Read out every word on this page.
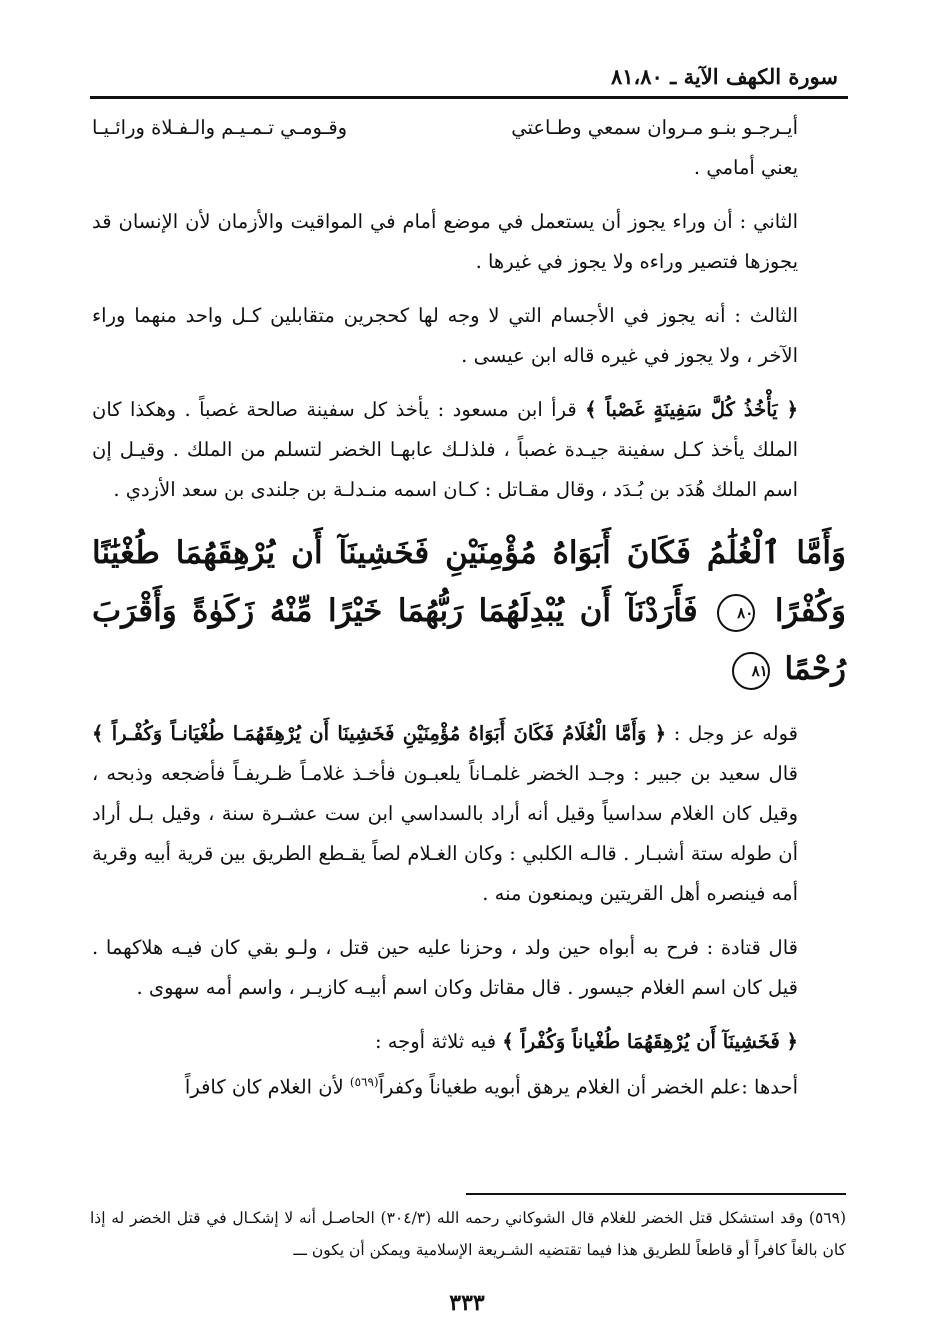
سورة الكهف الآية ـ ٨١،٨٠
أيـرجـو بنـو مـروان سمعي وطـاعتي
وقـومـي تـمـيـم والـفـلاة ورائـيـا

يعني أمامي .

الثاني : أن وراء يجوز أن يستعمل في موضع أمام في المواقيت والأزمان لأن الإنسان قد يجوزها فتصير وراءه ولا يجوز في غيرها .

الثالث : أنه يجوز في الأجسام التي لا وجه لها كحجرين متقابلين كـل واحد منهما وراء الآخر ، ولا يجوز في غيره قاله ابن عيسى .

﴿ يَأْخُذُ كُلَّ سَفِينَةٍ غَصْباً ﴾ قرأ ابن مسعود : يأخذ كل سفينة صالحة غصباً . وهكذا كان الملك يأخذ كـل سفينة جيـدة غصباً ، فلذلـك عابهـا الخضر لتسلم من الملك . وقيـل إن اسم الملك هُدَد بن بُـدَد ، وقال مقـاتل : كـان اسمه منـدلـة بن جلندى بن سعد الأزدي .

وَأَمَّا ٱلْغُلَٰمُ فَكَانَ أَبَوَاهُ مُؤْمِنَيْنِ فَخَشِينَآ أَن يُرْهِقَهُمَا طُغْيَٰنًا وَكُفْرًا ٨٠ فَأَرَدْنَآ أَن يُبْدِلَهُمَا رَبُّهُمَا خَيْرًا مِّنْهُ زَكَوٰةً وَأَقْرَبَ رُحْمًا ٨١

قوله عز وجل : ﴿ وَأَمَّا الْغُلَامُ فَكَانَ أَبَوَاهُ مُؤْمِنَيْنِ فَخَشِينَا أَن يُرْهِقَهُمَـا طُغْيَانـاً وَكُفْـراً ﴾ قال سعيد بن جبير : وجـد الخضر غلمـاناً يلعبـون فأخـذ غلامـاً ظـريفـاً فأضجعه وذبحه ، وقيل كان الغلام سداسياً وقيل أنه أراد بالسداسي ابن ست عشـرة سنة ، وقيل بـل أراد أن طوله ستة أشبـار . قالـه الكلبي : وكان الغـلام لصاً يقـطع الطريق بين قرية أبيه وقرية أمه فينصره أهل القريتين ويمنعون منه .

قال قتادة : فرح به أبواه حين ولد ، وحزنا عليه حين قتل ، ولـو بقي كان فيـه هلاكهما . قيل كان اسم الغلام جيسور . قال مقاتل وكان اسم أبيـه كازيـر ، واسم أمه سهوى .

﴿ فَخَشِينَآ أَن يُرْهِقَهُمَا طُغْياناً وَكُفْراً ﴾ فيه ثلاثة أوجه :

أحدها :علم الخضر أن الغلام يرهق أبويه طغياناً وكفراً$^{(٥٦٩)}$ لأن الغلام كان كافراً

(٥٦٩) وقد استشكل قتل الخضر للغلام قال الشوكاني رحمه الله (٣٠٤/٣) الحاصـل أنه لا إشكـال في قتل الخضر له إذا كان بالغاً كافراً أو قاطعاً للطريق هذا فيما تقتضيه الشـريعة الإسلامية ويمكن أن يكون ـــ
٣٣٣
